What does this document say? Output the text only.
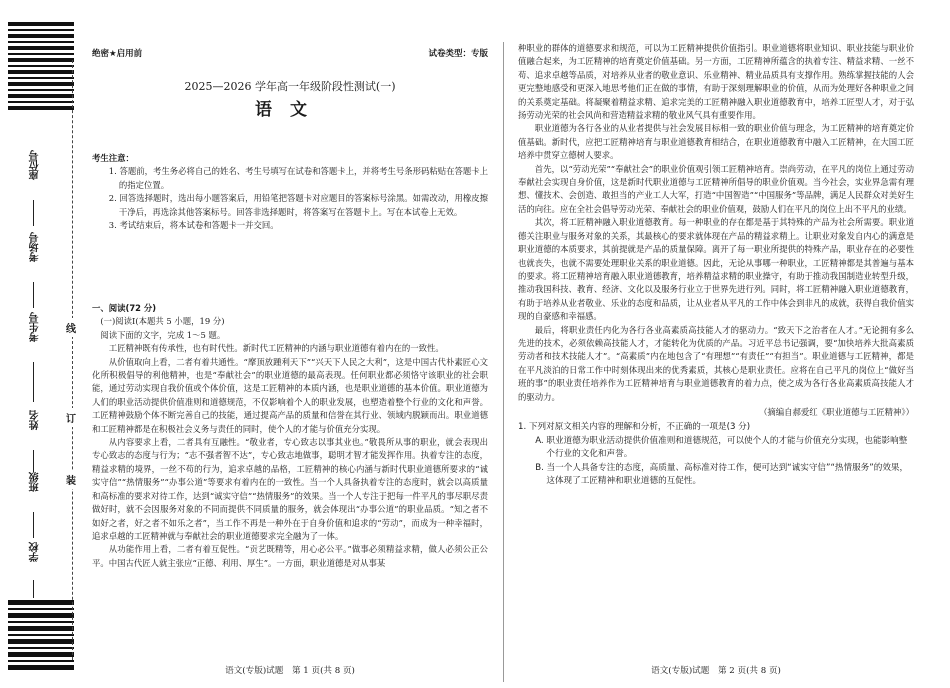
座位号
考场号
考生号
姓名
班级
学校
线
订
装
绝密★启用前	试卷类型：专版
2025—2026 学年高一年级阶段性测试(一)
语文

考生注意：

1. 答题前，考生务必将自己的姓名、考生号填写在试卷和答题卡上，并将考生号条形码粘贴在答题卡上的指定位置。

2. 回答选择题时，选出每小题答案后，用铅笔把答题卡对应题目的答案标号涂黑。如需改动，用橡皮擦干净后，再选涂其他答案标号。回答非选择题时，将答案写在答题卡上。写在本试卷上无效。

3. 考试结束后，将本试卷和答题卡一并交回。

一、阅读(72 分)

(一)阅读Ⅰ(本题共 5 小题，19 分)

阅读下面的文字，完成 1～5 题。

工匠精神既有传承性，也有时代性。新时代工匠精神的内涵与职业道德有着内在的一致性。

从价值取向上看，二者有着共通性。“摩顶放踵利天下”“兴天下人民之大利”，这是中国古代朴素匠心文化所积极倡导的利他精神，也是“奉献社会”的职业道德的最高表现。任何职业都必须恪守该职业的社会职能，通过劳动实现自我价值或个体价值，这是工匠精神的本质内涵，也是职业道德的基本价值。职业道德为人们的职业活动提供价值准则和道德规范，不仅影响着个人的职业发展，也塑造着整个行业的文化和声誉。工匠精神鼓励个体不断完善自己的技能，通过提高产品的质量和信誉在其行业、领域内脱颖而出。职业道德和工匠精神都是在积极社会义务与责任的同时，使个人的才能与价值充分实现。

从内容要求上看，二者具有互融性。“敬业者，专心致志以事其业也。”敬畏所从事的职业，就会表现出专心致志的态度与行为；“志不强者智不达”，专心致志地做事，聪明才智才能发挥作用。执着专注的态度，精益求精的境界，一丝不苟的行为，追求卓越的品格，工匠精神的核心内涵与新时代职业道德所要求的“诚实守信”“热情服务”“办事公道”等要求有着内在的一致性。当一个人具备执着专注的态度时，就会以高质量和高标准的要求对待工作，达到“诚实守信”“热情服务”的效果。当一个人专注于把每一件平凡的事尽职尽责做好时，就不会因服务对象的不同而提供不同质量的服务，就会体现出“办事公道”的职业品质。“知之者不如好之者，好之者不如乐之者”，当工作不再是一种外在于自身价值和追求的“劳动”，而成为一种幸福时，追求卓越的工匠精神就与奉献社会的职业道德要求完全融为了一体。

从功能作用上看，二者有着互促性。“贡艺既精等，用心必公平。”做事必须精益求精，做人必须公正公平。中国古代匠人就主张应“正德、利用、厚生”。一方面，职业道德是对从事某

语文(专版)试题　第 1 页(共 8 页)

种职业的群体的道德要求和规范，可以为工匠精神提供价值指引。职业道德将职业知识、职业技能与职业价值融合起来，为工匠精神的培育奠定价值基础。另一方面，工匠精神所蕴含的执着专注、精益求精、一丝不苟、追求卓越等品质，对培养从业者的敬业意识、乐业精神、精业品质具有支撑作用。熟练掌握技能的人会更完整地感受和更深入地思考他们正在做的事情，有助于深刻理解职业的价值，从而为处理好各种职业之间的关系奠定基础。将凝聚着精益求精、追求完美的工匠精神融入职业道德教育中，培养工匠型人才，对于弘扬劳动光荣的社会风尚和营造精益求精的敬业风气具有重要作用。

职业道德为各行各业的从业者提供与社会发展目标相一致的职业价值与理念，为工匠精神的培育奠定价值基础。新时代，应把工匠精神培育与职业道德教育相结合，在职业道德教育中融入工匠精神，在大国工匠培养中贯穿立德树人要求。

首先，以“劳动光荣”“奉献社会”的职业价值观引领工匠精神培育。崇尚劳动，在平凡的岗位上通过劳动奉献社会实现自身价值，这是新时代职业道德与工匠精神所倡导的职业价值观。当今社会，实业界急需有理想、懂技术、会创造、敢担当的产业工人大军，打造“中国智造”“中国服务”等品牌，满足人民群众对美好生活的向往。应在全社会倡导劳动光荣、奉献社会的职业价值观，鼓励人们在平凡的岗位上出不平凡的业绩。

其次，将工匠精神融入职业道德教育。每一种职业的存在都是基于其特殊的产品为社会所需要。职业道德关注职业与服务对象的关系，其最核心的要求就体现在产品的精益求精上。让职业对象发自内心的满意是职业道德的本质要求，其前提就是产品的质量保障。离开了每一职业所提供的特殊产品，职业存在的必要性也就丧失，也就不需要处理职业关系的职业道德。因此，无论从事哪一种职业，工匠精神都是其普遍与基本的要求。将工匠精神培育融入职业道德教育，培养精益求精的职业操守，有助于推动我国制造业转型升级，推动我国科技、教育、经济、文化以及服务行业立于世界先进行列。同时，将工匠精神融入职业道德教育，有助于培养从业者敬业、乐业的态度和品质，让从业者从平凡的工作中体会到非凡的成就，获得自我价值实现的自豪感和幸福感。

最后，将职业责任内化为各行各业高素质高技能人才的驱动力。“致天下之治者在人才。”无论拥有多么先进的技术，必须依赖高技能人才，才能转化为优质的产品。习近平总书记强调，要“加快培养大批高素质劳动者和技术技能人才”。“高素质”内在地包含了“有理想”“有责任”“有担当”。职业道德与工匠精神，都是在平凡淡泊的日常工作中时刻体现出来的优秀素质，其核心是职业责任。应将在自己平凡的岗位上“做好当班的事”的职业责任培养作为工匠精神培育与职业道德教育的着力点，使之成为各行各业高素质高技能人才的驱动力。

（摘编自郝爱红《职业道德与工匠精神》）

1. 下列对原文相关内容的理解和分析，不正确的一项是(3 分)

A. 职业道德为职业活动提供价值准则和道德规范，可以使个人的才能与价值充分实现，也能影响整个行业的文化和声誉。

B. 当一个人具备专注的态度，高质量、高标准对待工作，便可达到“诚实守信”“热情服务”的效果，这体现了工匠精神和职业道德的互促性。

语文(专版)试题　第 2 页(共 8 页)
